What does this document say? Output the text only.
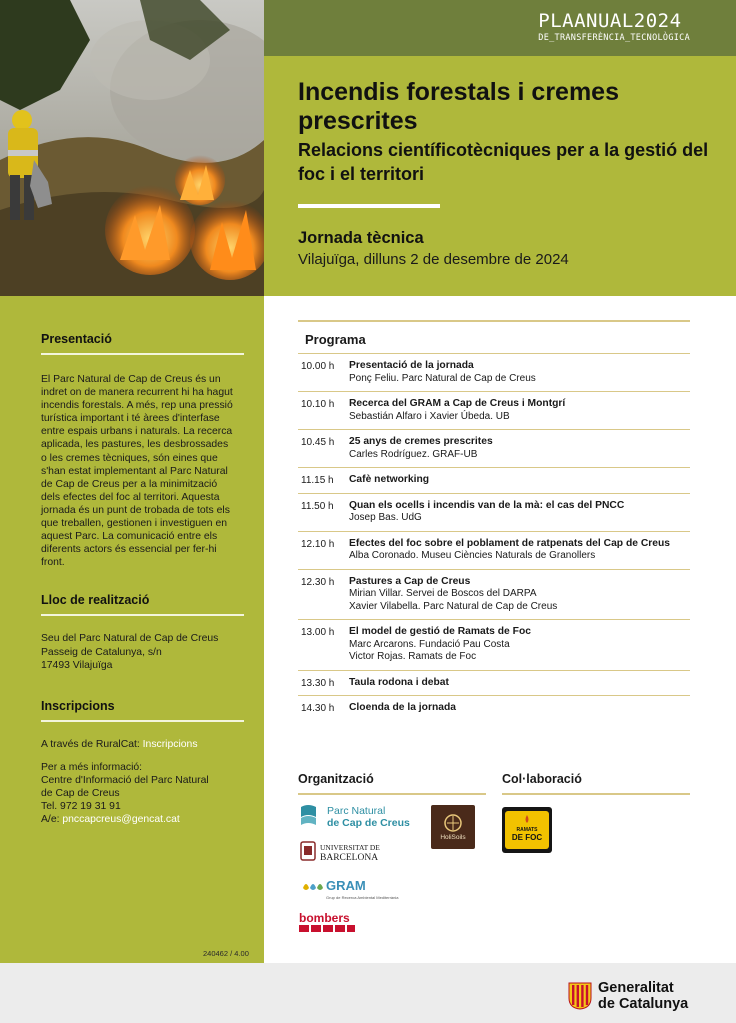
PLAANUAL2024
DE_TRANSFERÈNCIA_TECNOLÒGICA
Incendis forestals i cremes prescrites
Relacions científicotècniques per a la gestió del foc i el territori
Jornada tècnica
Vilajuïga, dilluns 2 de desembre de 2024
Presentació

El Parc Natural de Cap de Creus és un indret on de manera recurrent hi ha hagut incendis forestals. A més, rep una pressió turística important i té àrees d'interfase entre espais urbans i naturals. La recerca aplicada, les pastures, les desbrossades o les cremes tècniques, són eines que s'han estat implementant al Parc Natural de Cap de Creus per a la minimització dels efectes del foc al territori. Aquesta jornada és un punt de trobada de tots els que treballen, gestionen i investiguen en aquest Parc. La comunicació entre els diferents actors és essencial per fer-hi front.

Lloc de realització

Seu del Parc Natural de Cap de Creus
Passeig de Catalunya, s/n
17493 Vilajuïga

Inscripcions

A través de RuralCat: Inscripcions

Per a més informació:
Centre d'Informació del Parc Natural
de Cap de Creus
Tel. 972 19 31 91
A/e: pnccapcreus@gencat.cat

240462 / 4.00
Programa
10.00 h	Presentació de la jornada
Ponç Feliu. Parc Natural de Cap de Creus
10.10 h	Recerca del GRAM a Cap de Creus i Montgrí
Sebastián Alfaro i Xavier Úbeda. UB
10.45 h	25 anys de cremes prescrites
Carles Rodríguez. GRAF-UB
11.15 h	Cafè networking
11.50 h	Quan els ocells i incendis van de la mà: el cas del PNCC
Josep Bas. UdG
12.10 h	Efectes del foc sobre el poblament de ratpenats del Cap de Creus
Alba Coronado. Museu Ciències Naturals de Granollers
12.30 h	Pastures a Cap de Creus
Mirian Villar. Servei de Boscos del DARPA
Xavier Vilabella. Parc Natural de Cap de Creus
13.00 h	El model de gestió de Ramats de Foc
Marc Arcarons. Fundació Pau Costa
Victor Rojas. Ramats de Foc
13.30 h	Taula rodona i debat
14.30 h	Cloenda de la jornada
Organització	Col·laboració
Parc Natural
de Cap de Creus
UNIVERSITAT DE
BARCELONA
GRAM
Grup de Recerca Ambiental Mediterrània
bombers
HoliSoils
RAMATS
DE FOC
Generalitat
de Catalunya
